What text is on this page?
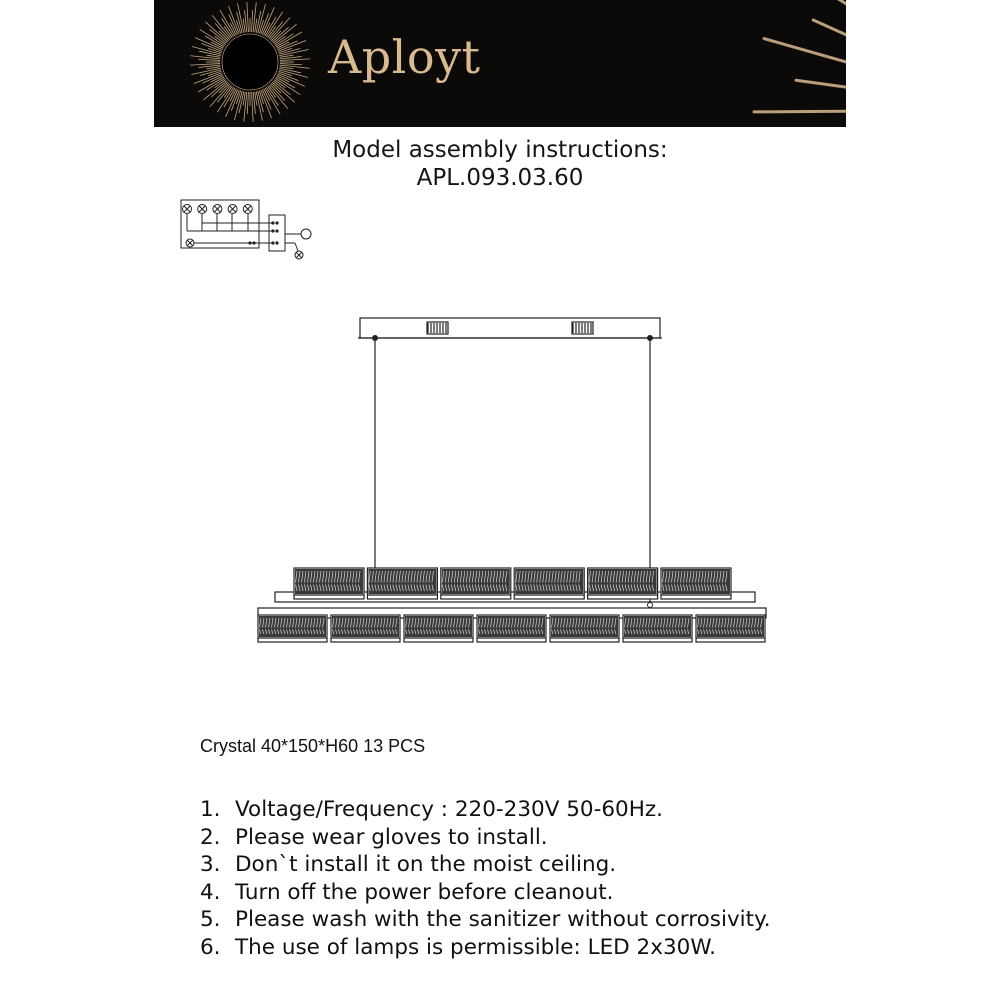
Aployt
Model assembly instructions:
APL.093.03.60
Crystal 40*150*H60 13 PCS
1. Voltage/Frequency : 220-230V 50-60Hz.
2. Please wear gloves to install.
3. Don`t install it on the moist ceiling.
4. Turn off the power before cleanout.
5. Please wash with the sanitizer without corrosivity.
6. The use of lamps is permissible: LED 2x30W.
